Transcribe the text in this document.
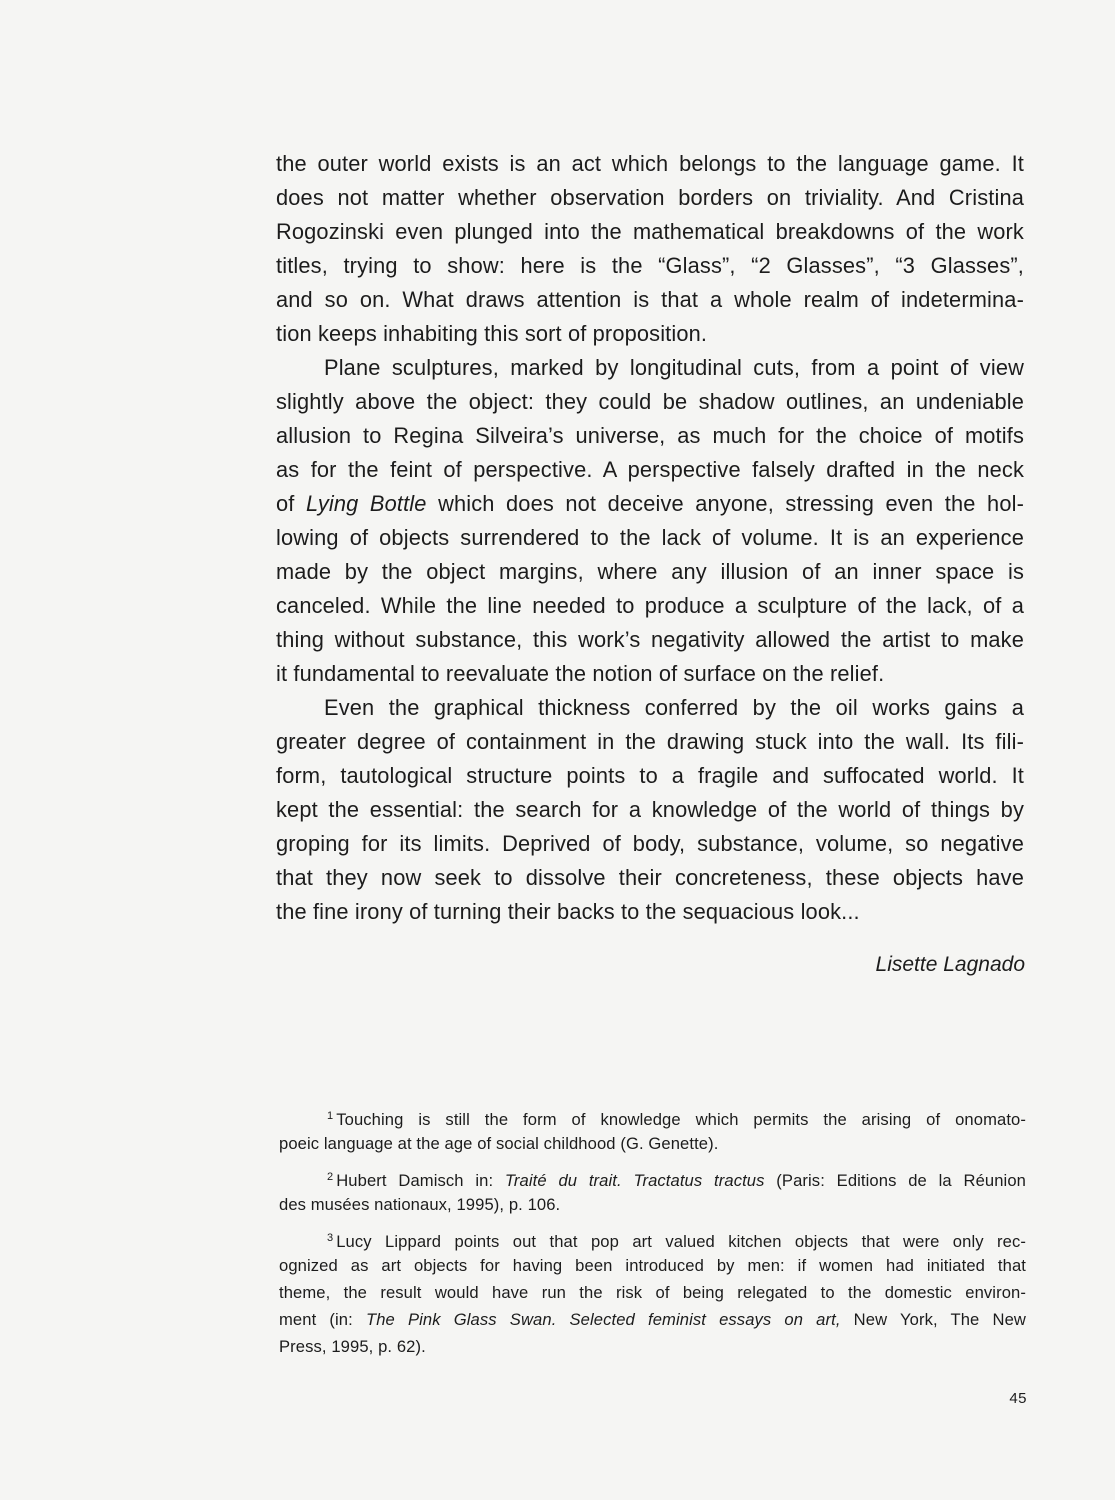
the outer world exists is an act which belongs to the language game. It
does not matter whether observation borders on triviality. And Cristina
Rogozinski even plunged into the mathematical breakdowns of the work
titles, trying to show: here is the “Glass”, “2 Glasses”, “3 Glasses”,
and so on. What draws attention is that a whole realm of indetermina-
tion keeps inhabiting this sort of proposition.
Plane sculptures, marked by longitudinal cuts, from a point of view
slightly above the object: they could be shadow outlines, an undeniable
allusion to Regina Silveira’s universe, as much for the choice of motifs
as for the feint of perspective. A perspective falsely drafted in the neck
of Lying Bottle which does not deceive anyone, stressing even the hol-
lowing of objects surrendered to the lack of volume. It is an experience
made by the object margins, where any illusion of an inner space is
canceled. While the line needed to produce a sculpture of the lack, of a
thing without substance, this work’s negativity allowed the artist to make
it fundamental to reevaluate the notion of surface on the relief.
Even the graphical thickness conferred by the oil works gains a
greater degree of containment in the drawing stuck into the wall. Its fili-
form, tautological structure points to a fragile and suffocated world. It
kept the essential: the search for a knowledge of the world of things by
groping for its limits. Deprived of body, substance, volume, so negative
that they now seek to dissolve their concreteness, these objects have
the fine irony of turning their backs to the sequacious look...
Lisette Lagnado
$^1$ Touching is still the form of knowledge which permits the arising of onomato-
poeic language at the age of social childhood (G. Genette).
$^2$ Hubert Damisch in: Traité du trait. Tractatus tractus (Paris: Editions de la Réunion
des musées nationaux, 1995), p. 106.
$^3$ Lucy Lippard points out that pop art valued kitchen objects that were only rec-
ognized as art objects for having been introduced by men: if women had initiated that
theme, the result would have run the risk of being relegated to the domestic environ-
ment (in: The Pink Glass Swan. Selected feminist essays on art, New York, The New
Press, 1995, p. 62).
45
